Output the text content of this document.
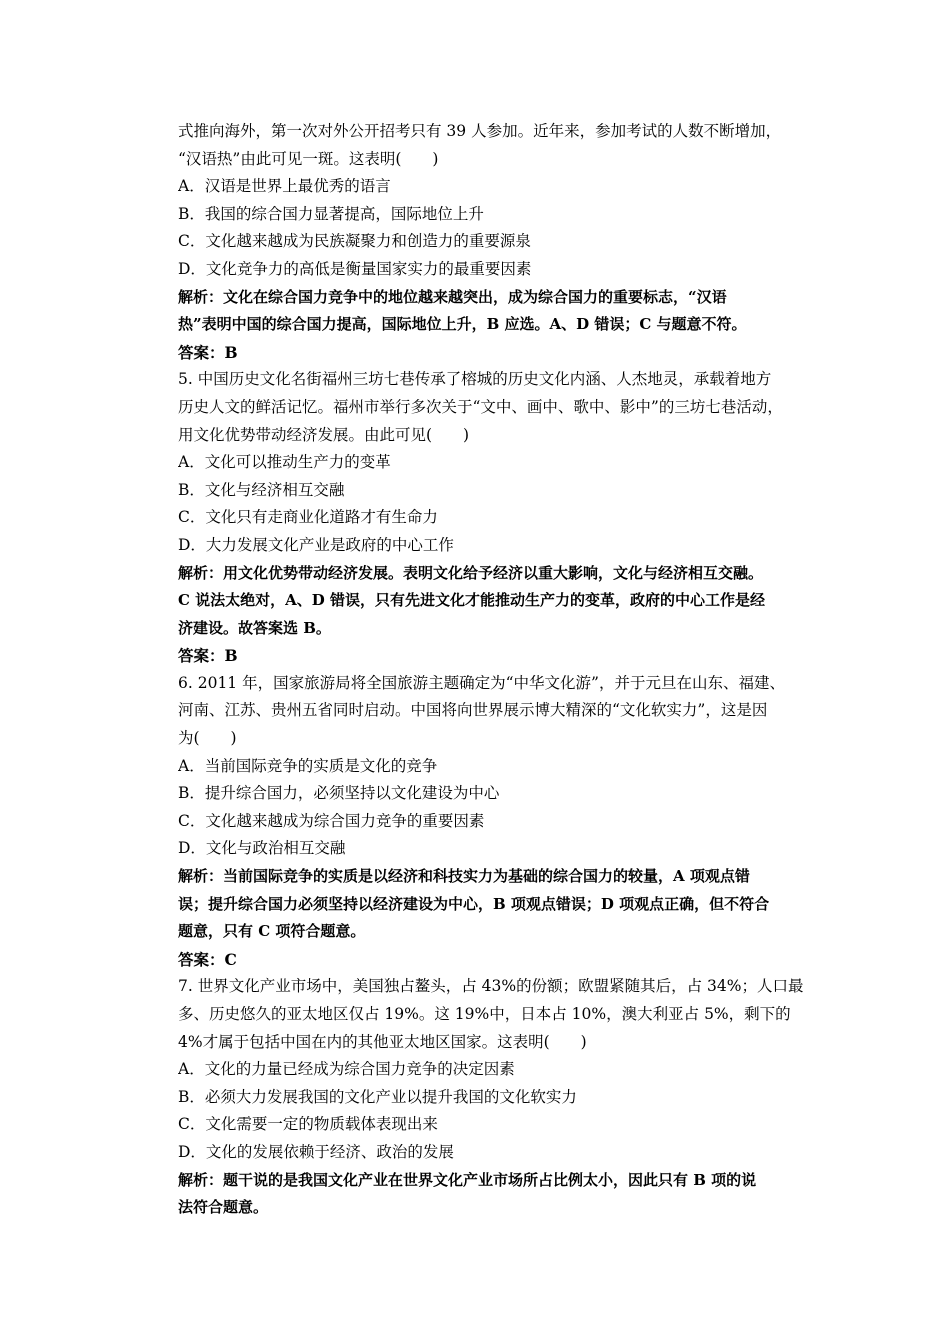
式推向海外，第一次对外公开招考只有 39 人参加。近年来，参加考试的人数不断增加，
“汉语热”由此可见一斑。这表明(　　)
A．汉语是世界上最优秀的语言
B．我国的综合国力显著提高，国际地位上升
C．文化越来越成为民族凝聚力和创造力的重要源泉
D．文化竞争力的高低是衡量国家实力的最重要因素
解析：文化在综合国力竞争中的地位越来越突出，成为综合国力的重要标志，“汉语
热”表明中国的综合国力提高，国际地位上升，B 应选。A、D 错误；C 与题意不符。
答案：B
5. 中国历史文化名街福州三坊七巷传承了榕城的历史文化内涵、人杰地灵，承载着地方
历史人文的鲜活记忆。福州市举行多次关于“文中、画中、歌中、影中”的三坊七巷活动，
用文化优势带动经济发展。由此可见(　　)
A．文化可以推动生产力的变革
B．文化与经济相互交融
C．文化只有走商业化道路才有生命力
D．大力发展文化产业是政府的中心工作
解析：用文化优势带动经济发展。表明文化给予经济以重大影响，文化与经济相互交融。
C 说法太绝对，A、D 错误，只有先进文化才能推动生产力的变革，政府的中心工作是经
济建设。故答案选 B。
答案：B
6. 2011 年，国家旅游局将全国旅游主题确定为“中华文化游”，并于元旦在山东、福建、
河南、江苏、贵州五省同时启动。中国将向世界展示博大精深的“文化软实力”，这是因
为(　　)
A．当前国际竞争的实质是文化的竞争
B．提升综合国力，必须坚持以文化建设为中心
C．文化越来越成为综合国力竞争的重要因素
D．文化与政治相互交融
解析：当前国际竞争的实质是以经济和科技实力为基础的综合国力的较量，A 项观点错
误；提升综合国力必须坚持以经济建设为中心，B 项观点错误；D 项观点正确，但不符合
题意，只有 C 项符合题意。
答案：C
7. 世界文化产业市场中，美国独占鳌头，占 43%的份额；欧盟紧随其后，占 34%；人口最
多、历史悠久的亚太地区仅占 19%。这 19%中，日本占 10%，澳大利亚占 5%，剩下的
4%才属于包括中国在内的其他亚太地区国家。这表明(　　)
A．文化的力量已经成为综合国力竞争的决定因素
B．必须大力发展我国的文化产业以提升我国的文化软实力
C．文化需要一定的物质载体表现出来
D．文化的发展依赖于经济、政治的发展
解析：题干说的是我国文化产业在世界文化产业市场所占比例太小，因此只有 B 项的说
法符合题意。
